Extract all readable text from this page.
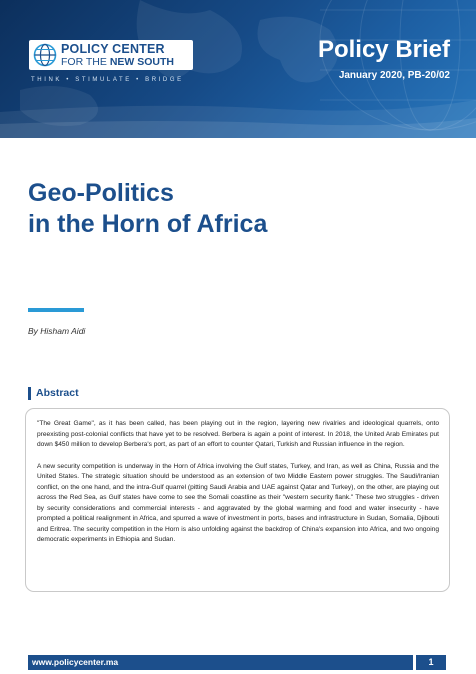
POLICY CENTER
FOR THE NEW SOUTH
THINK • STIMULATE • BRIDGE
Policy Brief
January 2020, PB-20/02
Geo-Politics
in the Horn of Africa
By Hisham Aidi
Abstract

"The Great Game", as it has been called, has been playing out in the region, layering new rivalries and ideological quarrels, onto preexisting post-colonial conflicts that have yet to be resolved. Berbera is again a point of interest. In 2018, the United Arab Emirates put down $450 million to develop Berbera's port, as part of an effort to counter Qatari, Turkish and Russian influence in the region.

A new security competition is underway in the Horn of Africa involving the Gulf states, Turkey, and Iran, as well as China, Russia and the United States. The strategic situation should be understood as an extension of two Middle Eastern power struggles. The Saudi/Iranian conflict, on the one hand, and the intra-Gulf quarrel (pitting Saudi Arabia and UAE against Qatar and Turkey), on the other, are playing out across the Red Sea, as Gulf states have come to see the Somali coastline as their "western security flank." These two struggles - driven by security considerations and commercial interests - and aggravated by the global warming and food and water insecurity - have prompted a political realignment in Africa, and spurred a wave of investment in ports, bases and infrastructure in Sudan, Somalia, Djibouti and Eritrea. The security competition in the Horn is also unfolding against the backdrop of China's expansion into Africa, and two ongoing democratic experiments in Ethiopia and Sudan.

www.policycenter.ma	1
